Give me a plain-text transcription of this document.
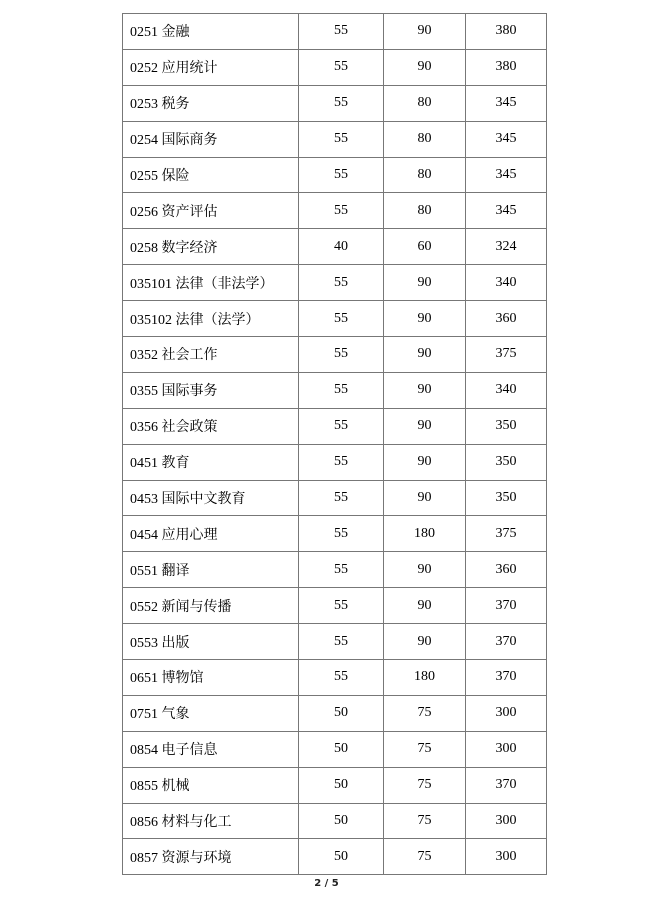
0251 金融	55	90	380
0252 应用统计	55	90	380
0253 税务	55	80	345
0254 国际商务	55	80	345
0255 保险	55	80	345
0256 资产评估	55	80	345
0258 数字经济	40	60	324
035101 法律（非法学）	55	90	340
035102 法律（法学）	55	90	360
0352 社会工作	55	90	375
0355 国际事务	55	90	340
0356 社会政策	55	90	350
0451 教育	55	90	350
0453 国际中文教育	55	90	350
0454 应用心理	55	180	375
0551 翻译	55	90	360
0552 新闻与传播	55	90	370
0553 出版	55	90	370
0651 博物馆	55	180	370
0751 气象	50	75	300
0854 电子信息	50	75	300
0855 机械	50	75	370
0856 材料与化工	50	75	300
0857 资源与环境	50	75	300
2 / 5
